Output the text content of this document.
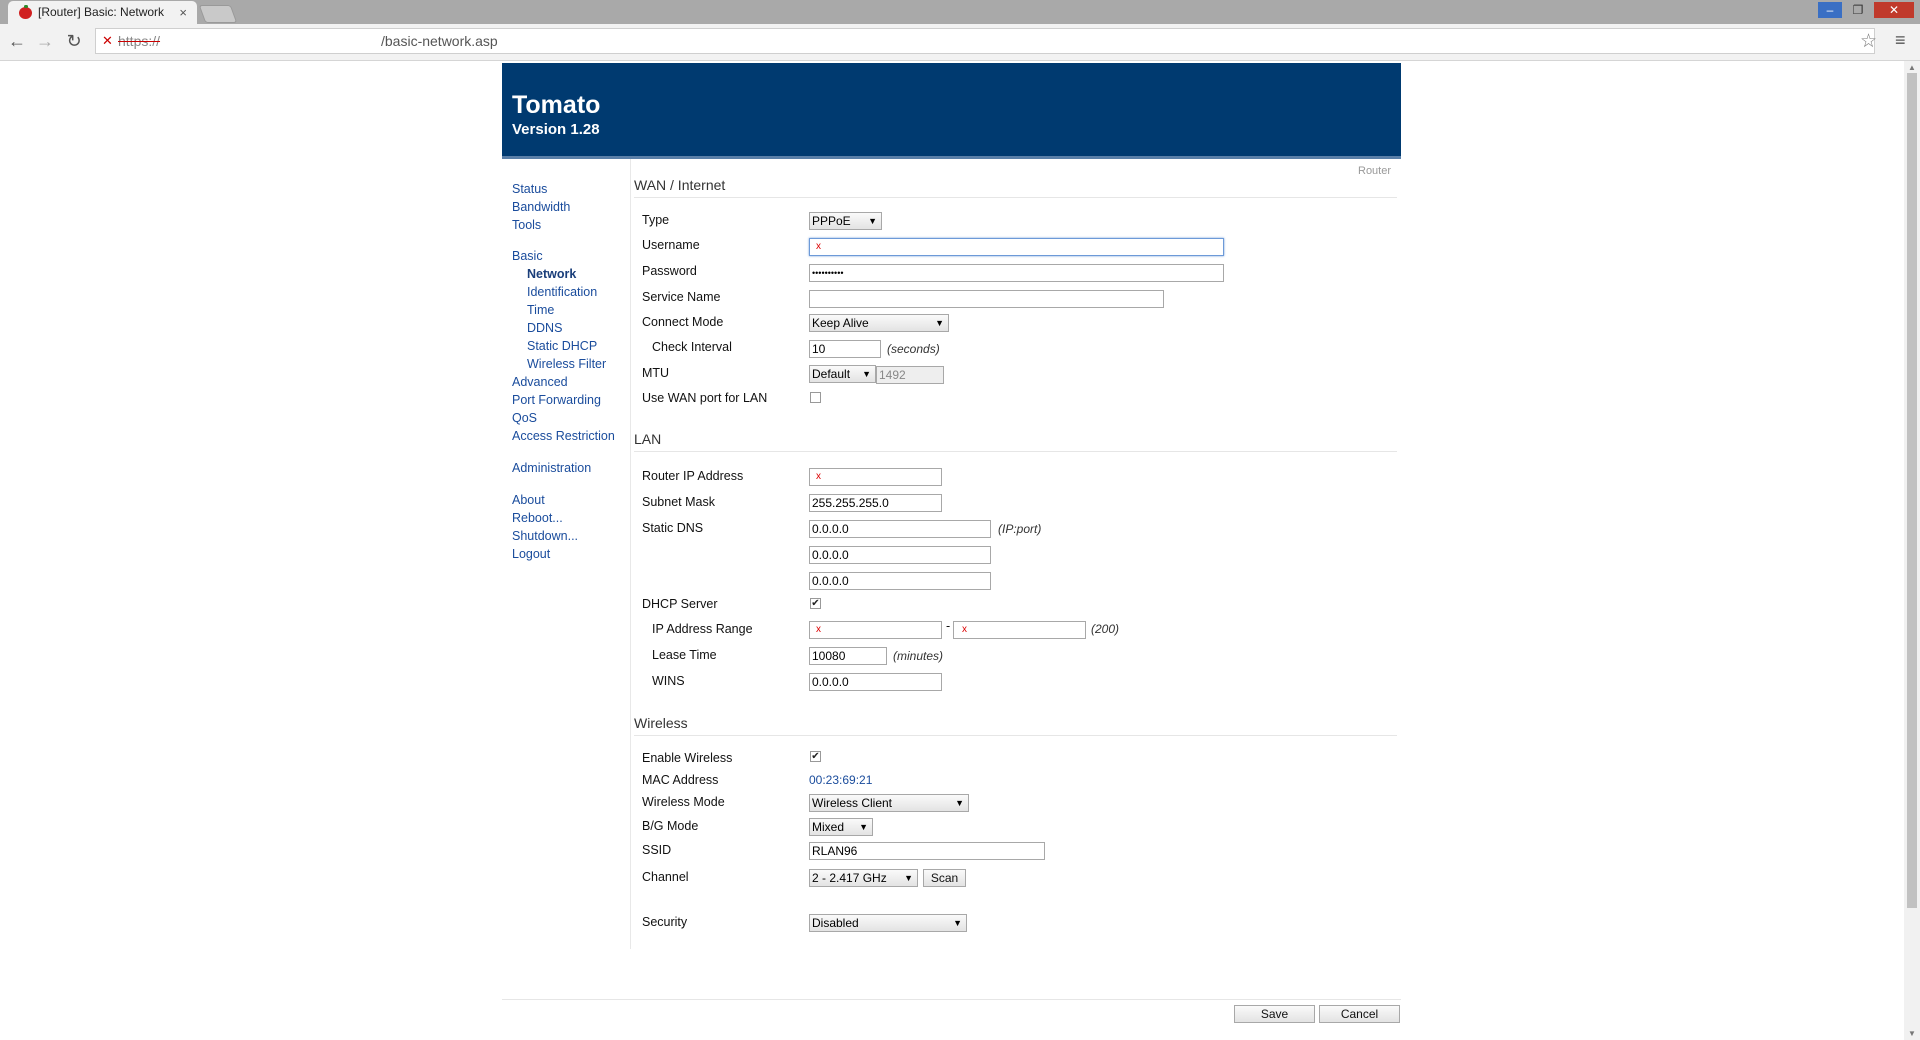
[Router] Basic: Network ×	–	❐	✕
← → ↻ ✕ https://	/basic-network.asp	☆ ≡
▲
▼
Tomato
Version 1.28
Router
Status
Bandwidth
Tools
Basic
Network
Identification
Time
DDNS
Static DHCP
Wireless Filter
Advanced
Port Forwarding
QoS
Access Restriction
Administration
About
Reboot...
Shutdown...
Logout
WAN / Internet
Type	PPPoE ▼
Username	x
Password	••••••••••
Service Name
Connect Mode	Keep Alive	▼
Check Interval	10	(seconds)
MTU	Default ▼ 1492
Use WAN port for LAN
LAN
Router IP Address	x
Subnet Mask	255.255.255.0
Static DNS	0.0.0.0	(IP:port)
0.0.0.0
0.0.0.0
DHCP Server	✔
IP Address Range	x	- x	(200)
Lease Time	10080	(minutes)
WINS	0.0.0.0
Wireless
Enable Wireless	✔
MAC Address	00:23:69:21
Wireless Mode	Wireless Client	▼
B/G Mode	Mixed ▼
SSID	RLAN96
Channel	2 - 2.417 GHz ▼	Scan
Security	Disabled	▼
Save	Cancel
